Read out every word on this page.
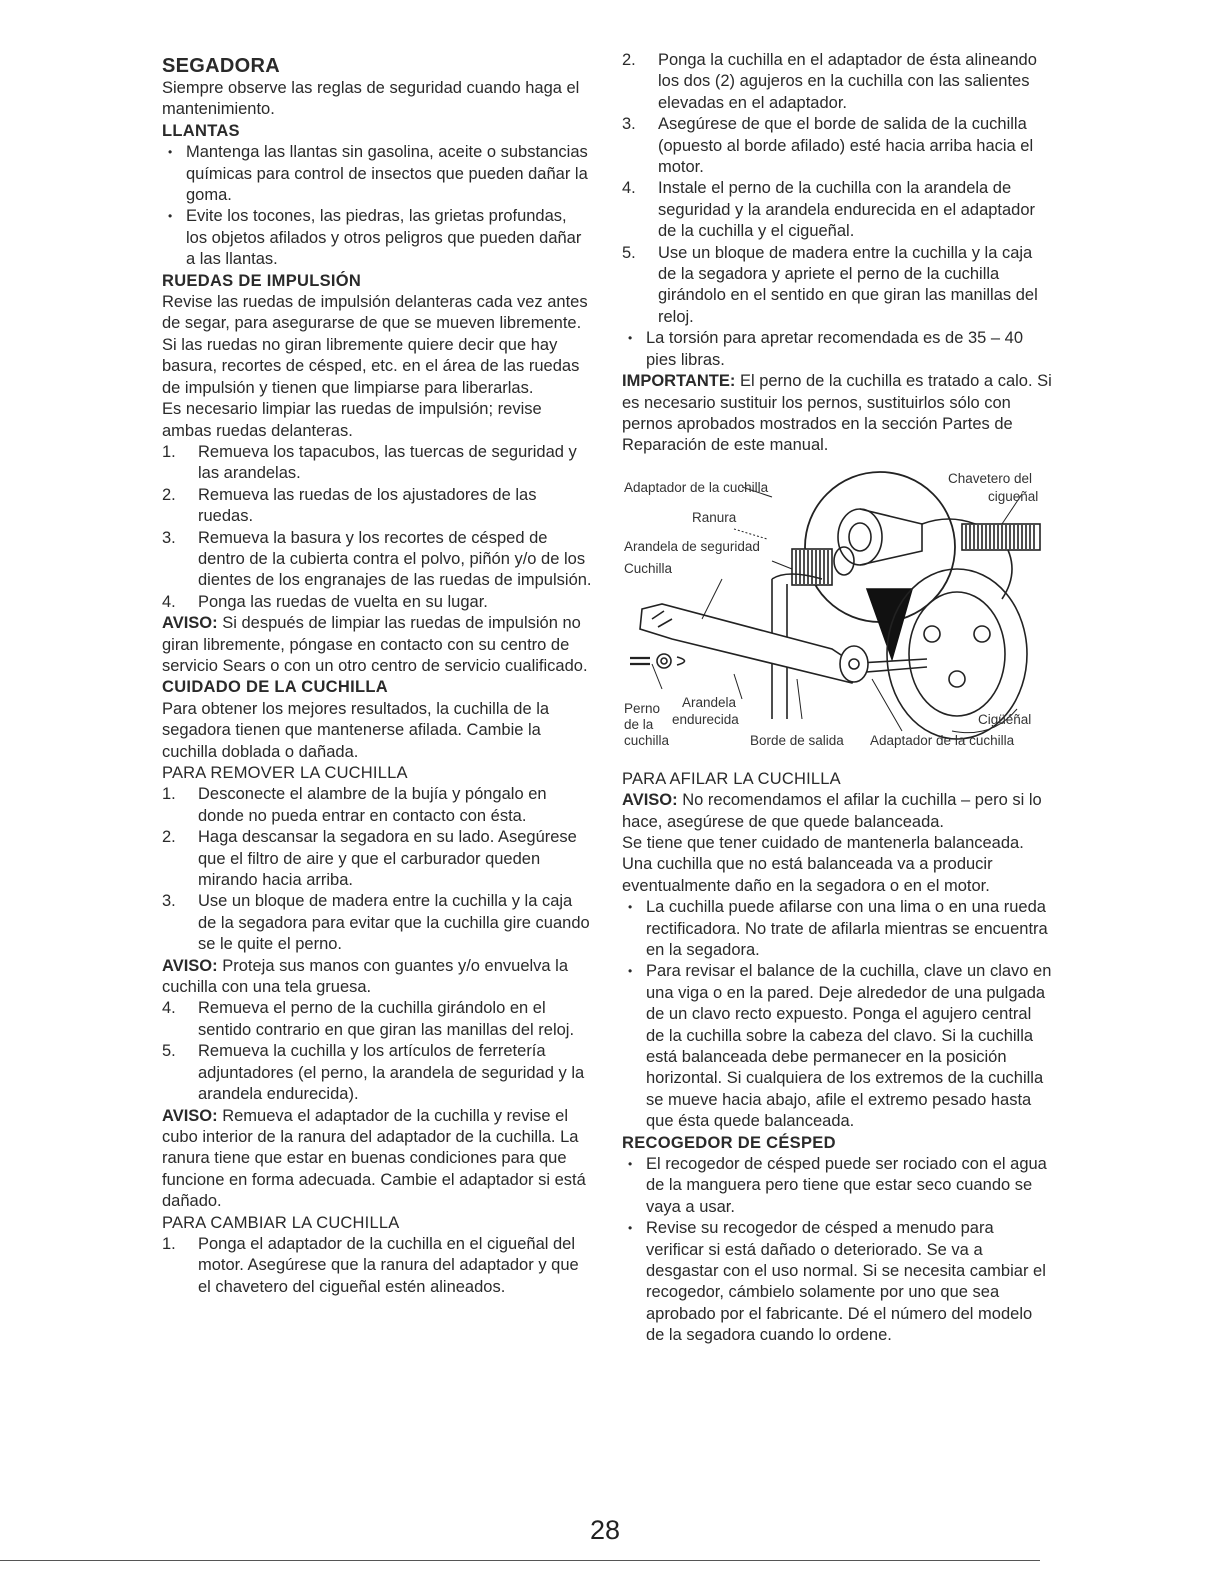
SEGADORA

Siempre observe las reglas de seguridad cuando haga el mantenimiento.

LLANTAS

• Mantenga las llantas sin gasolina, aceite o substancias químicas para control de insectos que pueden dañar la goma.
• Evite los tocones, las piedras, las grietas profundas, los objetos afilados y otros peligros que pueden dañar a las llantas.

RUEDAS DE IMPULSIÓN

Revise las ruedas de impulsión delanteras cada vez antes de segar, para asegurarse de que se mueven libremente.

Si las ruedas no giran libremente quiere decir que hay basura, recortes de césped, etc. en el área de las ruedas de impulsión y tienen que limpiarse para liberarlas.

Es necesario limpiar las ruedas de impulsión; revise ambas ruedas delanteras.

1.	Remueva los tapacubos, las tuercas de seguridad y las arandelas.
2.	Remueva las ruedas de los ajustadores de las ruedas.
3.	Remueva la basura y los recortes de césped de dentro de la cubierta contra el polvo, piñón y/o de los dientes de los engranajes de las ruedas de impulsión.
4.	Ponga las ruedas de vuelta en su lugar.

AVISO: Si después de limpiar las ruedas de impulsión no giran libremente, póngase en contacto con su centro de servicio Sears o con un otro centro de servicio cualificado.

CUIDADO DE LA CUCHILLA

Para obtener los mejores resultados, la cuchilla de la segadora tienen que mantenerse afilada. Cambie la cuchilla doblada o dañada.

PARA REMOVER LA CUCHILLA

1.	Desconecte el alambre de la bujía y póngalo en donde no pueda entrar en contacto con ésta.
2.	Haga descansar la segadora en su lado. Asegúrese que el filtro de aire y que el carburador queden mirando hacia arriba.
3.	Use un bloque de madera entre la cuchilla y la caja de la segadora para evitar que la cuchilla gire cuando se le quite el perno.

AVISO: Proteja sus manos con guantes y/o envuelva la cuchilla con una tela gruesa.

4.	Remueva el perno de la cuchilla girándolo en el sentido contrario en que giran las manillas del reloj.
5.	Remueva la cuchilla y los artículos de ferretería adjuntadores (el perno, la arandela de seguridad y la arandela endurecida).

AVISO: Remueva el adaptador de la cuchilla y revise el cubo interior de la ranura del adaptador de la cuchilla. La ranura tiene que estar en buenas condiciones para que funcione en forma adecuada. Cambie el adaptador si está dañado.

PARA CAMBIAR LA CUCHILLA

1.	Ponga el adaptador de la cuchilla en el cigueñal del motor. Asegúrese que la ranura del adaptador y que el chavetero del cigueñal estén alineados.
2.	Ponga la cuchilla en el adaptador de ésta alineando los dos (2) agujeros en la cuchilla con las salientes elevadas en el adaptador.
3.	Asegúrese de que el borde de salida de la cuchilla (opuesto al borde afilado) esté hacia arriba hacia el motor.
4.	Instale el perno de la cuchilla con la arandela de seguridad y la arandela endurecida en el adaptador de la cuchilla y el cigueñal.
5.	Use un bloque de madera entre la cuchilla y la caja de la segadora y apriete el perno de la cuchilla girándolo en el sentido en que giran las manillas del reloj.
• La torsión para apretar recomendada es de 35 – 40 pies libras.

IMPORTANTE: El perno de la cuchilla es tratado a calo. Si es necesario sustituir los pernos, sustituirlos sólo con pernos aprobados mostrados en la sección Partes de Reparación de este manual.

Adaptador de la cuchilla
Chavetero del
cigueñal
Ranura
Arandela de seguridad
Cuchilla
Perno
de la
cuchilla
Arandela
endurecida
Borde de salida Adaptador de la cuchilla
Cigüéñal

PARA AFILAR LA CUCHILLA

AVISO: No recomendamos el afilar la cuchilla – pero si lo hace, asegúrese de que quede balanceada.

Se tiene que tener cuidado de mantenerla balanceada. Una cuchilla que no está balanceada va a producir eventualmente daño en la segadora o en el motor.

• La cuchilla puede afilarse con una lima o en una rueda rectificadora. No trate de afilarla mientras se encuentra en la segadora.
• Para revisar el balance de la cuchilla, clave un clavo en una viga o en la pared. Deje alrededor de una pulgada de un clavo recto expuesto. Ponga el agujero central de la cuchilla sobre la cabeza del clavo. Si la cuchilla está balanceada debe permanecer en la posición horizontal. Si cualquiera de los extremos de la cuchilla se mueve hacia abajo, afile el extremo pesado hasta que ésta quede balanceada.

RECOGEDOR DE CÉSPED

• El recogedor de césped puede ser rociado con el agua de la manguera pero tiene que estar seco cuando se vaya a usar.
• Revise su recogedor de césped a menudo para verificar si está dañado o deteriorado. Se va a desgastar con el uso normal. Si se necesita cambiar el recogedor, cámbielo solamente por uno que sea aprobado por el fabricante. Dé el número del modelo de la segadora cuando lo ordene.
28
